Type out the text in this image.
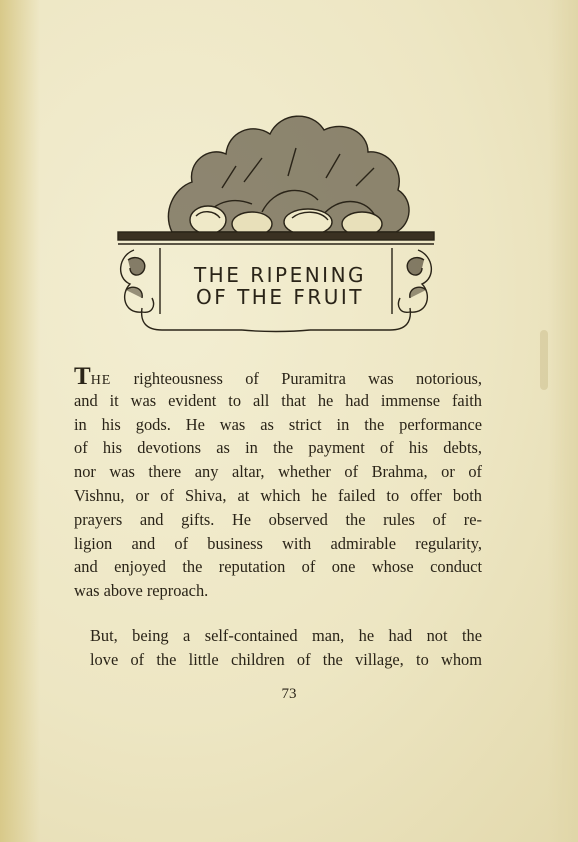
THE RIPENING
OF THE FRUIT
THE righteousness of Puramitra was notorious,
and it was evident to all that he had immense faith
in his gods. He was as strict in the performance
of his devotions as in the payment of his debts,
nor was there any altar, whether of Brahma, or of
Vishnu, or of Shiva, at which he failed to offer both
prayers and gifts. He observed the rules of re-
ligion and of business with admirable regularity,
and enjoyed the reputation of one whose conduct
was above reproach.
But, being a self-contained man, he had not the
love of the little children of the village, to whom
73
